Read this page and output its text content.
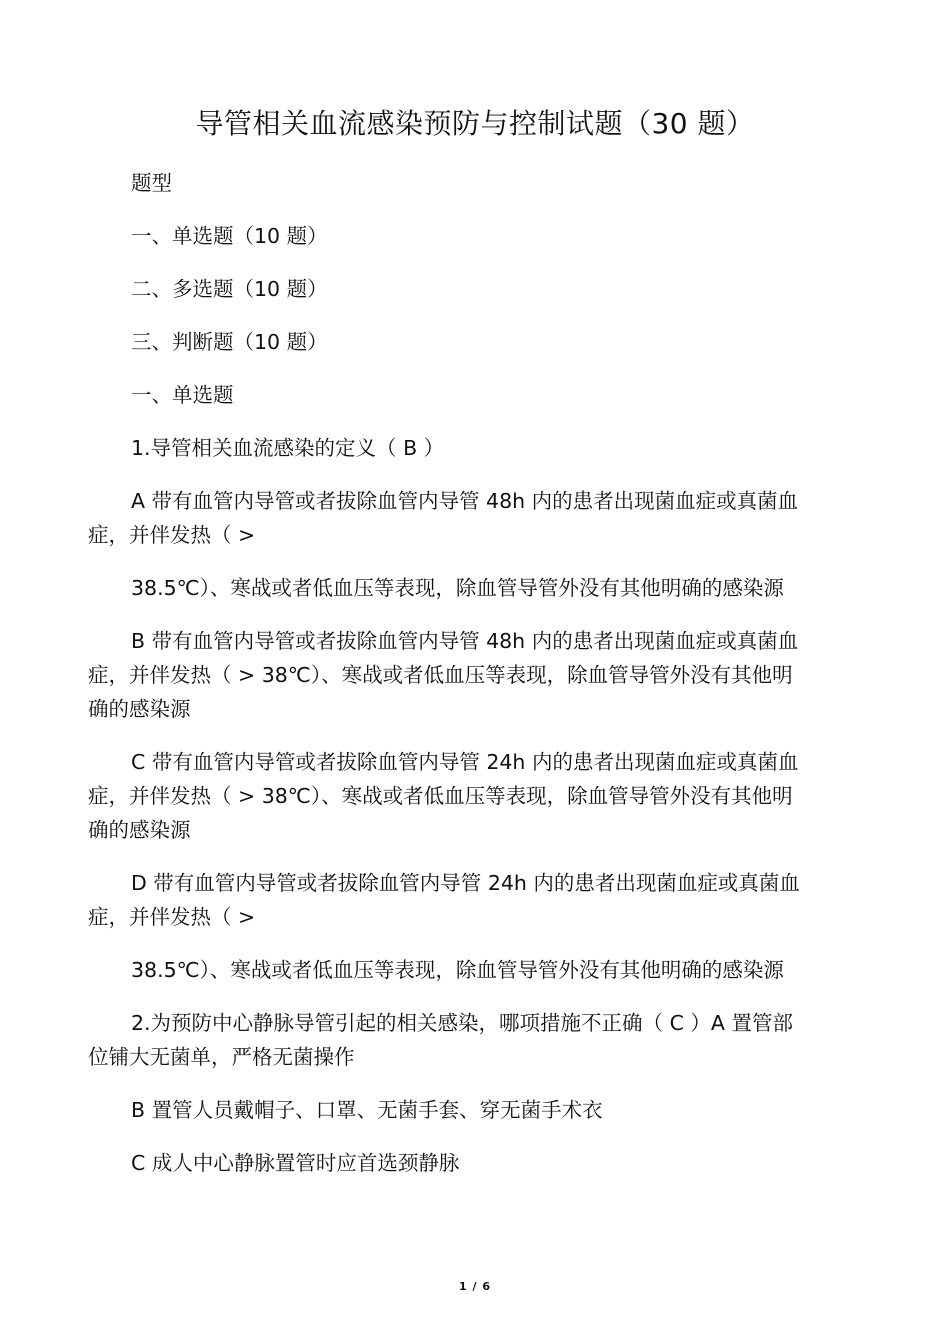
导管相关血流感染预防与控制试题（30 题）

题型

一、单选题（10 题）

二、多选题（10 题）

三、判断题（10 题）

一、单选题

1.导管相关血流感染的定义（ B ）

A 带有血管内导管或者拔除血管内导管 48h 内的患者出现菌血症或真菌血
症，并伴发热（ >
38.5℃）、寒战或者低血压等表现，除血管导管外没有其他明确的感染源
B 带有血管内导管或者拔除血管内导管 48h 内的患者出现菌血症或真菌血
症，并伴发热（ > 38℃）、寒战或者低血压等表现，除血管导管外没有其他明
确的感染源
C 带有血管内导管或者拔除血管内导管 24h 内的患者出现菌血症或真菌血
症，并伴发热（ > 38℃）、寒战或者低血压等表现，除血管导管外没有其他明
确的感染源
D 带有血管内导管或者拔除血管内导管 24h 内的患者出现菌血症或真菌血
症，并伴发热（ >
38.5℃）、寒战或者低血压等表现，除血管导管外没有其他明确的感染源
2.为预防中心静脉导管引起的相关感染，哪项措施不正确（ C ）A 置管部
位铺大无菌单，严格无菌操作

B 置管人员戴帽子、口罩、无菌手套、穿无菌手术衣

C 成人中心静脉置管时应首选颈静脉

1 / 6
